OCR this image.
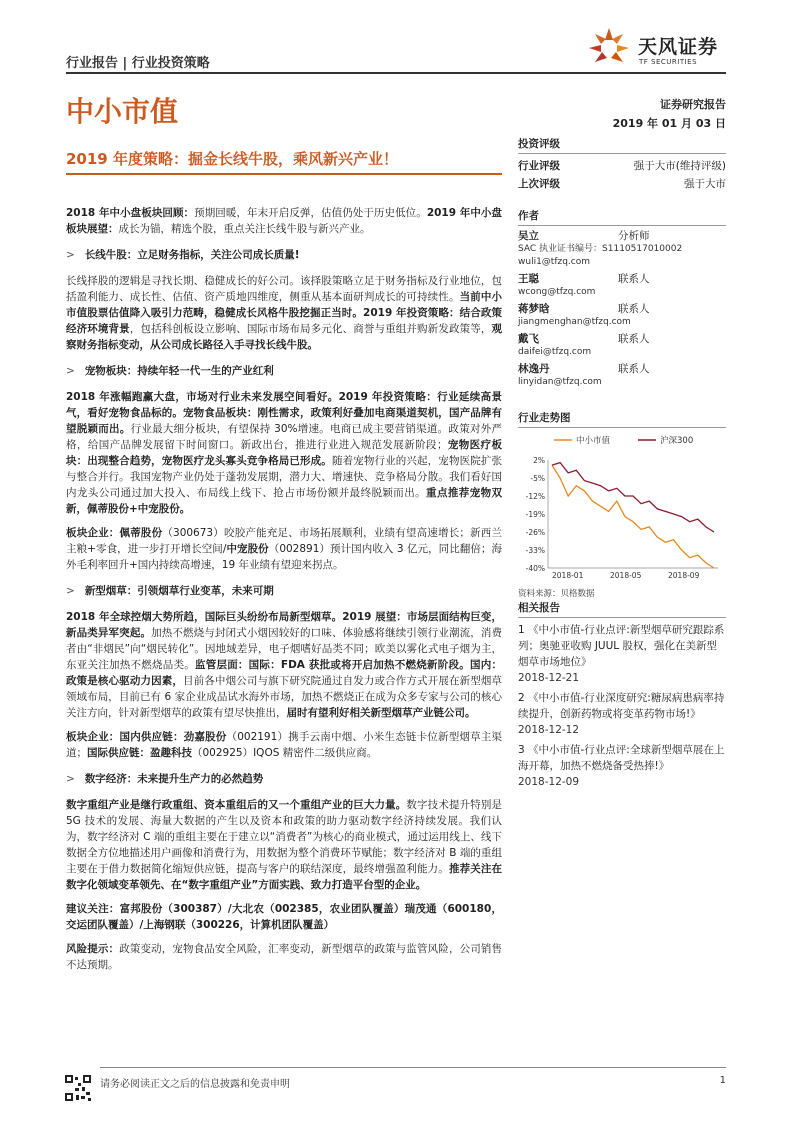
行业报告 | 行业投资策略
天风证券
TF SECURITIES
中小市值	证券研究报告
2019 年 01 月 03 日
2019 年度策略：掘金长线牛股，乘风新兴产业！
投资评级
行业评级	强于大市(维持评级)
上次评级	强于大市
作者
吴立	分析师
SAC 执业证书编号：S1110517010002
wuli1@tfzq.com
王聪	联系人
wcong@tfzq.com
蒋梦晗	联系人
jiangmenghan@tfzq.com
戴飞	联系人
daifei@tfzq.com
林逸丹	联系人
linyidan@tfzq.com
行业走势图
中小市值	沪深300
2%
-5%
-12%
-19%
-26%
-33%
-40%
2018-01	2018-05	2018-09
资料来源：贝格数据
相关报告
1 《中小市值-行业点评:新型烟草研究跟踪系列；奥驰亚收购 JUUL 股权，强化在美新型烟草市场地位》
2018-12-21
2 《中小市值-行业深度研究:糖尿病患病率持续提升，创新药物或将变革药物市场!》
2018-12-12
3 《中小市值-行业点评:全球新型烟草展在上海开幕，加热不燃烧备受热捧!》
2018-12-09

2018 年中小盘板块回顾：预期回暖，年末开启反弹，估值仍处于历史低位。2019 年中小盘板块展望：成长为锚，精选个股，重点关注长线牛股与新兴产业。

> 长线牛股：立足财务指标，关注公司成长质量!

长线择股的逻辑是寻找长期、稳健成长的好公司。该择股策略立足于财务指标及行业地位，包括盈利能力、成长性、估值、资产质地四维度，侧重从基本面研判成长的可持续性。当前中小市值股票估值降入吸引力范畴，稳健成长风格牛股挖掘正当时。2019 年投资策略：结合政策经济环境背景，包括科创板设立影响、国际市场布局多元化、商誉与重组并购新发政策等，观察财务指标变动，从公司成长路径入手寻找长线牛股。

> 宠物板块：持续年轻一代一生的产业红利

2018 年涨幅跑赢大盘，市场对行业未来发展空间看好。2019 年投资策略：行业延续高景气，看好宠物食品标的。宠物食品板块：刚性需求，政策利好叠加电商渠道契机，国产品牌有望脱颖而出。行业最大细分板块，有望保持 30%增速。电商已成主要营销渠道。政策对外严格，给国产品牌发展留下时间窗口。新政出台，推进行业进入规范发展新阶段；宠物医疗板块：出现整合趋势，宠物医疗龙头寡头竞争格局已形成。随着宠物行业的兴起，宠物医院扩张与整合并行。我国宠物产业仍处于蓬勃发展期，潜力大、增速快、竞争格局分散。我们看好国内龙头公司通过加大投入、布局线上线下、抢占市场份额并最终脱颖而出。重点推荐宠物双新，佩蒂股份+中宠股份。

板块企业：佩蒂股份（300673）咬胶产能充足、市场拓展顺利，业绩有望高速增长；新西兰主粮+零食，进一步打开增长空间/中宠股份（002891）预计国内收入 3 亿元，同比翻倍；海外毛利率回升+国内持续高增速，19 年业绩有望迎来拐点。

> 新型烟草：引领烟草行业变革，未来可期

2018 年全球控烟大势所趋，国际巨头纷纷布局新型烟草。2019 展望：市场层面结构巨变，新品类异军突起。加热不燃烧与封闭式小烟因较好的口味、体验感将继续引领行业潮流，消费者由“非烟民”向“烟民转化”。因地域差异，电子烟嗜好品类不同；欧美以雾化式电子烟为主，东亚关注加热不燃烧品类。监管层面：国际：FDA 获批或将开启加热不燃烧新阶段。国内：政策是核心驱动力因素，目前各中烟公司与旗下研究院通过自发力或合作方式开展在新型烟草领域布局，目前已有 6 家企业成品试水海外市场，加热不燃烧正在成为众多专家与公司的核心关注方向，针对新型烟草的政策有望尽快推出，届时有望利好相关新型烟草产业链公司。

板块企业：国内供应链：劲嘉股份（002191）携手云南中烟、小米生态链卡位新型烟草主渠道；国际供应链：盈趣科技（002925）IQOS 精密件二级供应商。

> 数字经济：未来提升生产力的必然趋势

数字重组产业是继行政重组、资本重组后的又一个重组产业的巨大力量。数字技术提升特别是 5G 技术的发展、海量大数据的产生以及资本和政策的助力驱动数字经济持续发展。我们认为，数字经济对 C 端的重组主要在于建立以“消费者”为核心的商业模式，通过运用线上、线下数据全方位地描述用户画像和消费行为，用数据为整个消费环节赋能；数字经济对 B 端的重组主要在于借力数据简化缩短供应链，提高与客户的联结深度，最终增强盈利能力。推荐关注在数字化领域变革领先、在“数字重组产业”方面实践、致力打造平台型的企业。

建议关注：富邦股份（300387）/大北农（002385，农业团队覆盖）瑞茂通（600180，交运团队覆盖）/上海钢联（300226，计算机团队覆盖）

风险提示：政策变动，宠物食品安全风险，汇率变动，新型烟草的政策与监管风险，公司销售不达预期。

请务必阅读正文之后的信息披露和免责申明	1
